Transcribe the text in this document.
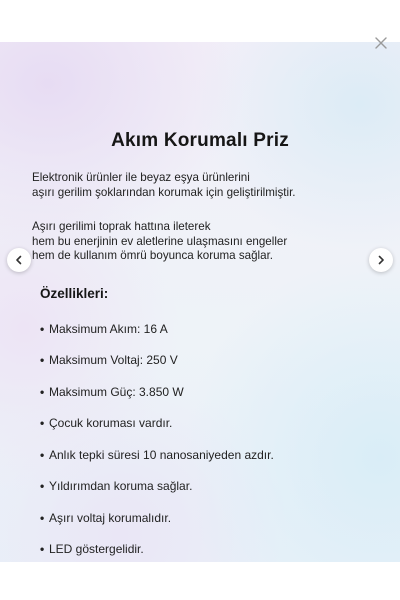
Akım Korumalı Priz
Elektronik ürünler ile beyaz eşya ürünlerini
aşırı gerilim şoklarından korumak için geliştirilmiştir.
Aşırı gerilimi toprak hattına ileterek
hem bu enerjinin ev aletlerine ulaşmasını engeller
hem de kullanım ömrü boyunca koruma sağlar.
Özellikleri:
• Maksimum Akım: 16 A
• Maksimum Voltaj: 250 V
• Maksimum Güç: 3.850 W
• Çocuk koruması vardır.
• Anlık tepki süresi 10 nanosaniyeden azdır.
• Yıldırımdan koruma sağlar.
• Aşırı voltaj korumalıdır.
• LED göstergelidir.
